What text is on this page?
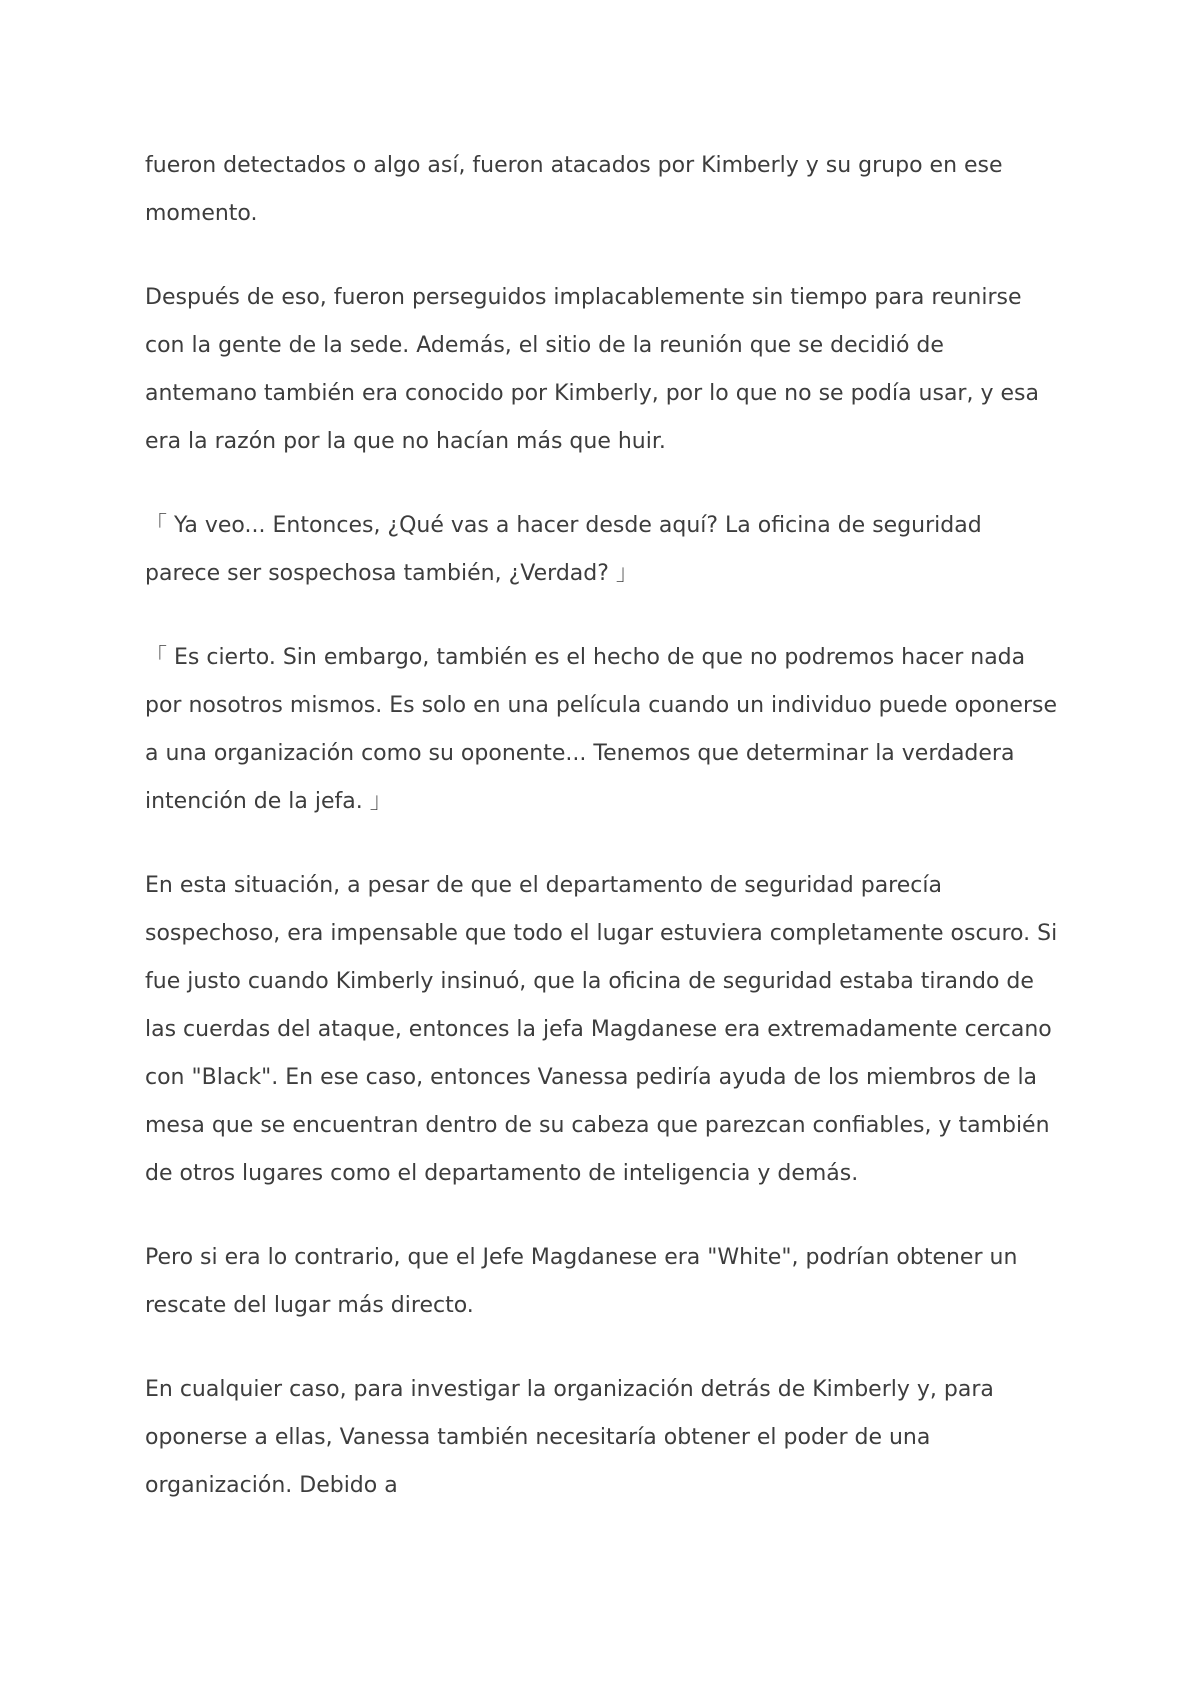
fueron detectados o algo así, fueron atacados por Kimberly y su grupo en ese momento.

Después de eso, fueron perseguidos implacablemente sin tiempo para reunirse con la gente de la sede. Además, el sitio de la reunión que se decidió de antemano también era conocido por Kimberly, por lo que no se podía usar, y esa era la razón por la que no hacían más que huir.

「 Ya veo... Entonces, ¿Qué vas a hacer desde aquí? La oficina de seguridad parece ser sospechosa también, ¿Verdad? 」

「 Es cierto. Sin embargo, también es el hecho de que no podremos hacer nada por nosotros mismos. Es solo en una película cuando un individuo puede oponerse a una organización como su oponente... Tenemos que determinar la verdadera intención de la jefa. 」

En esta situación, a pesar de que el departamento de seguridad parecía sospechoso, era impensable que todo el lugar estuviera completamente oscuro. Si fue justo cuando Kimberly insinuó, que la oficina de seguridad estaba tirando de las cuerdas del ataque, entonces la jefa Magdanese era extremadamente cercano con "Black". En ese caso, entonces Vanessa pediría ayuda de los miembros de la mesa que se encuentran dentro de su cabeza que parezcan confiables, y también de otros lugares como el departamento de inteligencia y demás.

Pero si era lo contrario, que el Jefe Magdanese era "White", podrían obtener un rescate del lugar más directo.

En cualquier caso, para investigar la organización detrás de Kimberly y, para oponerse a ellas, Vanessa también necesitaría obtener el poder de una organización. Debido a
